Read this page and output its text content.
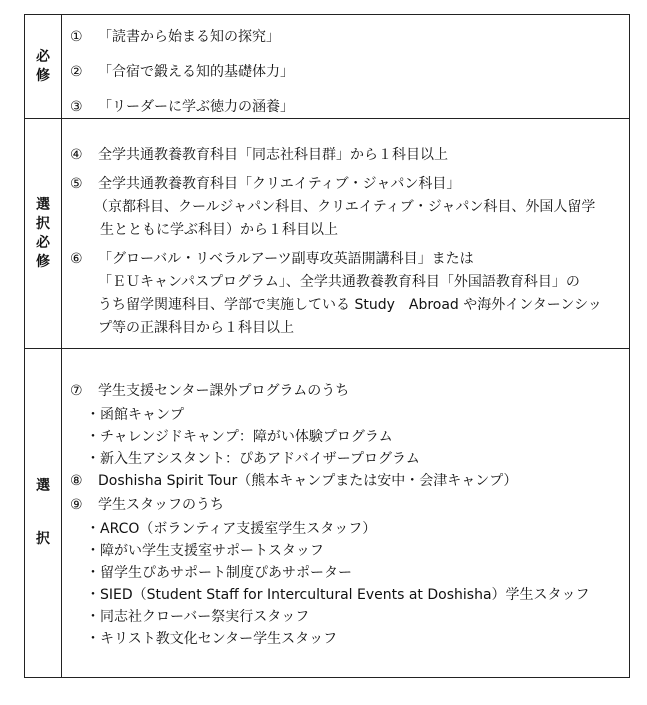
必
修
① 「読書から始まる知の探究」
② 「合宿で鍛える知的基礎体力」
③ 「リーダーに学ぶ徳力の涵養」
選
択
必
修
④ 全学共通教養教育科目「同志社科目群」から１科目以上
⑤ 全学共通教養教育科目「クリエイティブ・ジャパン科目」
（京都科目、クールジャパン科目、クリエイティブ・ジャパン科目、外国人留学
生とともに学ぶ科目）から１科目以上
⑥ 「グローバル・リベラルアーツ副専攻英語開講科目」または
「ＥＵキャンパスプログラム」、全学共通教養教育科目「外国語教育科目」の
うち留学関連科目、学部で実施している Study　Abroad や海外インターンシッ
プ等の正課科目から１科目以上
選
択
⑦ 学生支援センター課外プログラムのうち
・函館キャンプ
・チャレンジドキャンプ：障がい体験プログラム
・新入生アシスタント：ぴあアドバイザープログラム
⑧ Doshisha Spirit Tour（熊本キャンプまたは安中・会津キャンプ）
⑨ 学生スタッフのうち
・ARCO（ボランティア支援室学生スタッフ）
・障がい学生支援室サポートスタッフ
・留学生ぴあサポート制度ぴあサポーター
・SIED（Student Staff for Intercultural Events at Doshisha）学生スタッフ
・同志社クローバー祭実行スタッフ
・キリスト教文化センター学生スタッフ
